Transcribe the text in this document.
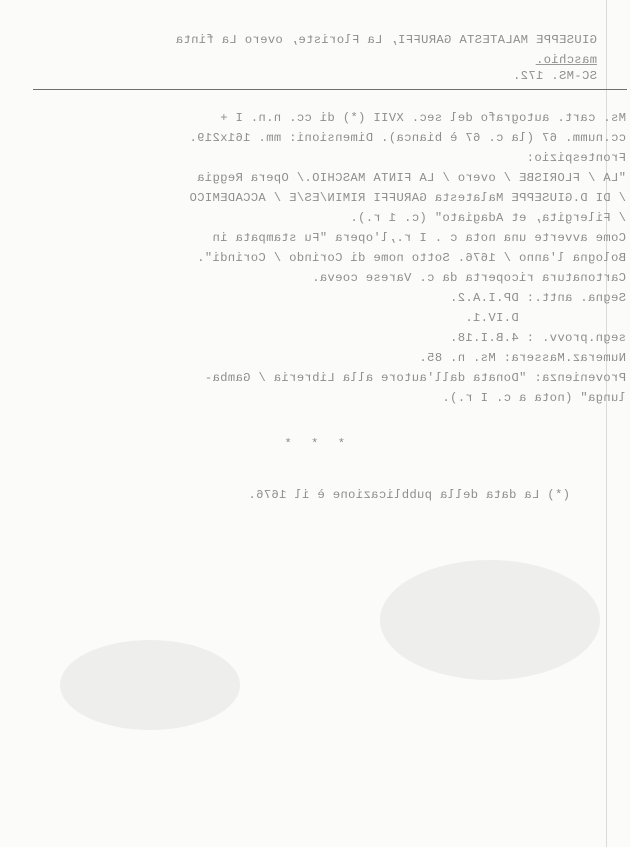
GIUSEPPE MALATESTA GARUFFI, La Floriste, overo La finta
maschio.
SC-MS. 172.
Ms. cart. autografo del sec. XVII (*) di cc. n.n. I +
cc.numm. 67 (la c. 67 è bianca). Dimensioni: mm. 161x219.
Frontespizio:
"LA / FLORISBE / overo / LA FINTA MASCHIO./ Opera Reggia
/ DI D.GIUSEPPE Malatesta GARUFFI RIMIN/ES/E / ACCADEMICO
/ Filergita, et Adagiato" (c. 1 r.).
Come avverte una nota c . I r.,l'opera "Fu stampata in
Bologna l'anno / 1676. Sotto nome di Corindo / Corindi".
Cartonatura ricoperta da c. Varese coeva.
Segna. antt.: DP.I.A.2.
D.IV.1.
segn.provv. : 4.B.I.18.
Numeraz.Massera: Ms. n. 85.
Provenienza: "Donata dall'autore alla Libreria / Gamba-
lunga" (nota a c. I r.).
* * *
(*) La data della pubblicazione è il 1676.
